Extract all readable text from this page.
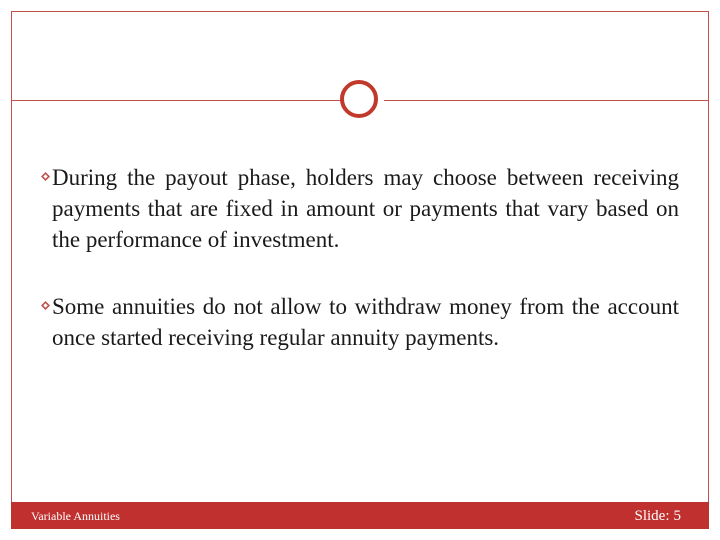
During the payout phase, holders may choose between receiving payments that are fixed in amount or payments that vary based on the performance of investment.
Some annuities do not allow to withdraw money from the account once started receiving regular annuity payments.
Variable Annuities	Slide: 5
